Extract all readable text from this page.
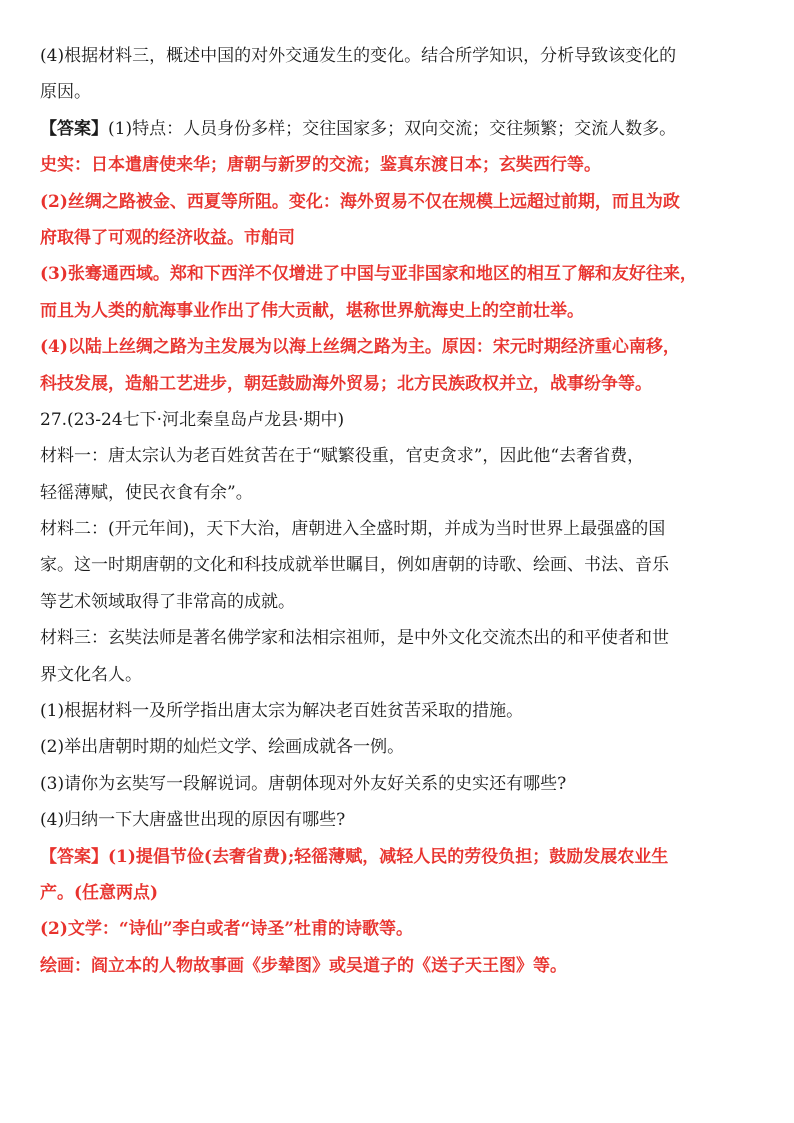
(4)根据材料三，概述中国的对外交通发生的变化。结合所学知识，分析导致该变化的
原因。
【答案】(1)特点：人员身份多样；交往国家多；双向交流；交往频繁；交流人数多。
史实：日本遣唐使来华；唐朝与新罗的交流；鉴真东渡日本；玄奘西行等。
(2)丝绸之路被金、西夏等所阻。变化：海外贸易不仅在规模上远超过前期，而且为政
府取得了可观的经济收益。市舶司
(3)张骞通西域。郑和下西洋不仅增进了中国与亚非国家和地区的相互了解和友好往来，
而且为人类的航海事业作出了伟大贡献，堪称世界航海史上的空前壮举。
(4)以陆上丝绸之路为主发展为以海上丝绸之路为主。原因：宋元时期经济重心南移，
科技发展，造船工艺进步，朝廷鼓励海外贸易；北方民族政权并立，战事纷争等。
27.(23-24七下·河北秦皇岛卢龙县·期中)
材料一：唐太宗认为老百姓贫苦在于“赋繁役重，官吏贪求”，因此他“去奢省费，
轻徭薄赋，使民衣食有余”。
材料二：(开元年间)，天下大治，唐朝进入全盛时期，并成为当时世界上最强盛的国
家。这一时期唐朝的文化和科技成就举世瞩目，例如唐朝的诗歌、绘画、书法、音乐
等艺术领域取得了非常高的成就。
材料三：玄奘法师是著名佛学家和法相宗祖师，是中外文化交流杰出的和平使者和世
界文化名人。
(1)根据材料一及所学指出唐太宗为解决老百姓贫苦采取的措施。
(2)举出唐朝时期的灿烂文学、绘画成就各一例。
(3)请你为玄奘写一段解说词。唐朝体现对外友好关系的史实还有哪些?
(4)归纳一下大唐盛世出现的原因有哪些?
【答案】(1)提倡节俭(去奢省费);轻徭薄赋，减轻人民的劳役负担；鼓励发展农业生
产。(任意两点)
(2)文学：“诗仙”李白或者“诗圣”杜甫的诗歌等。
绘画：阎立本的人物故事画《步辇图》或吴道子的《送子天王图》等。
